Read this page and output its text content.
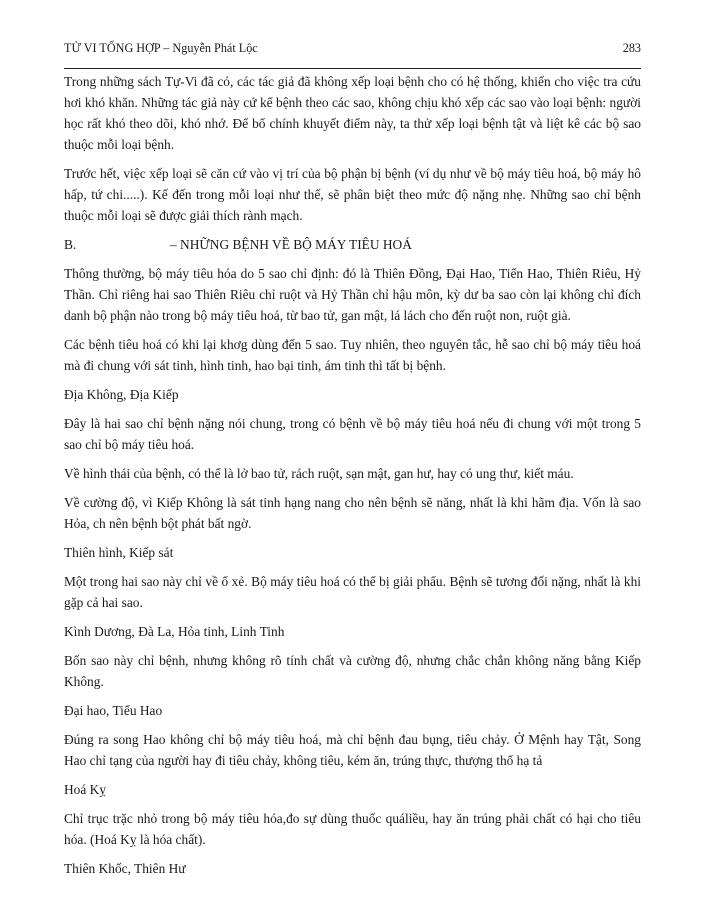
TỬ VI TỔNG HỢP – Nguyễn Phát Lộc	283

Trong những sách Tự-Vi đã có, các tác giả đã không xếp loại bệnh cho có hệ thống, khiến cho việc tra cứu hơi khó khăn. Những tác giả này cứ kể bệnh theo các sao, không chịu khó xếp các sao vào loại bệnh: người học rất khó theo dõi, khó nhớ. Để bổ chính khuyết điểm này, ta thử xếp loại bệnh tật và liệt kê các bộ sao thuộc mỗi loại bệnh.

Trước hết, việc xếp loại sẽ căn cứ vào vị trí của bộ phận bị bệnh (ví dụ như về bộ máy tiêu hoá, bộ máy hô hấp, tứ chi.....). Kế đến trong mỗi loại như thế, sẽ phân biệt theo mức độ nặng nhẹ. Những sao chỉ bệnh thuộc mỗi loại sẽ được giải thích rành mạch.

B.	– NHỮNG BỆNH VỀ BỘ MÁY TIÊU HOÁ

Thông thường, bộ máy tiêu hóa do 5 sao chỉ định: đó là Thiên Đồng, Đại Hao, Tiển Hao, Thiên Riêu, Hỷ Thần. Chỉ riêng hai sao Thiên Riêu chỉ ruột và Hỷ Thần chỉ hậu môn, kỳ dư ba sao còn lại không chỉ đích danh bộ phận nào trong bộ máy tiêu hoá, từ bao tử, gan mật, lá lách cho đến ruột non, ruột già.

Các bệnh tiêu hoá có khi lại khơg dùng đến 5 sao. Tuy nhiên, theo nguyên tắc, hễ sao chỉ bộ máy tiêu hoá mà đi chung với sát tinh, hình tinh, hao bại tinh, ám tinh thì tất bị bệnh.

Địa Không, Địa Kiếp

Đây là hai sao chỉ bệnh nặng nói chung, trong có bệnh về bộ máy tiêu hoá nếu đi chung với một trong 5 sao chỉ bộ máy tiêu hoá.

Về hình thái của bệnh, có thể là lở bao tử, rách ruột, sạn mật, gan hư, hay có ung thư, kiết máu.

Về cường độ, vì Kiếp Không là sát tinh hạng nang cho nên bệnh sẽ năng, nhất là khi hãm địa. Vốn là sao Hỏa, ch nên bệnh bột phát bất ngờ.

Thiên hình, Kiếp sát

Một trong hai sao này chỉ về ổ xẻ. Bộ máy tiêu hoá có thể bị giải phẩu. Bệnh sẽ tương đối nặng, nhất là khi gặp cả hai sao.

Kình Dương, Đà La, Hỏa tinh, Linh Tinh

Bốn sao này chỉ bệnh, nhưng không rõ tính chất và cường độ, nhưng chắc chắn không năng bằng Kiếp Không.

Đại hao, Tiểu Hao

Đúng ra song Hao không chỉ bộ máy tiêu hoá, mà chỉ bệnh đau bụng, tiêu chảy. Ở Mệnh hay Tật, Song Hao chỉ tạng của người hay đi tiêu chảy, không tiêu, kém ăn, trúng thực, thượng thổ hạ tả

Hoá Kỵ

Chỉ trục trặc nhỏ trong bộ máy tiêu hóa,đo sự dùng thuốc quáliều, hay ăn trúng phải chất có hại cho tiêu hóa. (Hoá Kỵ là hóa chất).

Thiên Khốc, Thiên Hư
